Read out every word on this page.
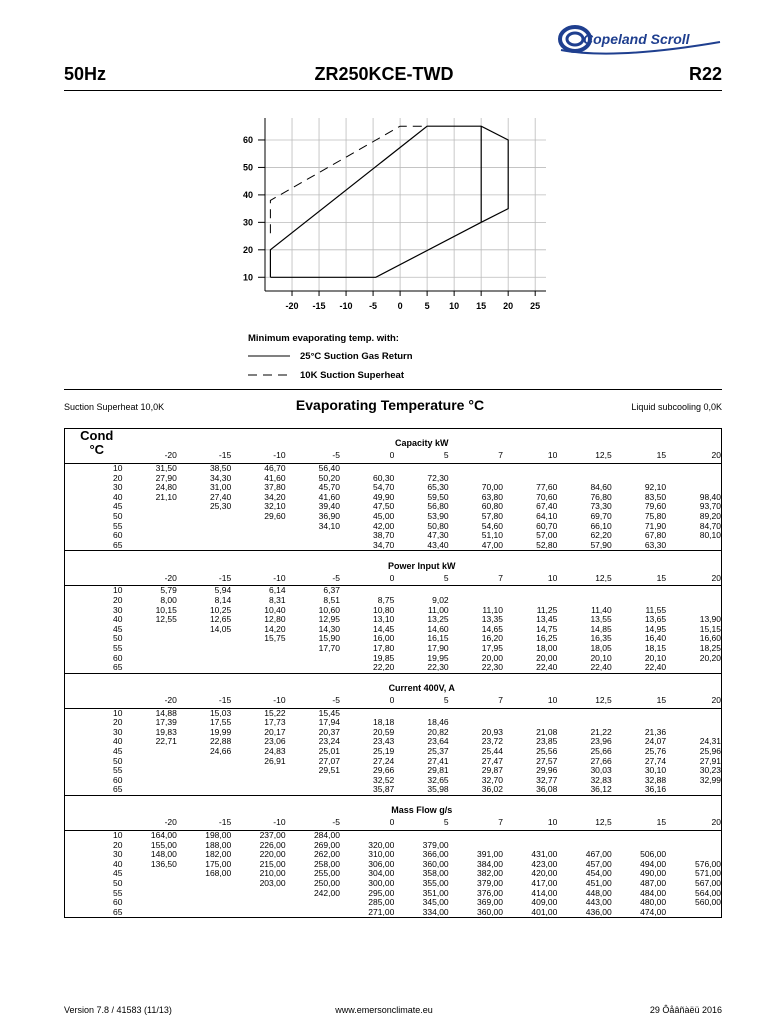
Copeland Scroll
50Hz	ZR250KCE-TWD	R22
-20 -15 -10 -5 0 5 10 15 20 25
10
20
30
40
50
60
Minimum evaporating temp. with:
25°C Suction Gas Return
10K Suction Superheat
Suction Superheat 10,0K	Evaporating Temperature °C	Liquid subcooling 0,0K
Cond
°C	Capacity kW										
	-20	-15	-10	-5	0	5	7	10	12,5	15	20
10	31,50	38,50	46,70	56,40							
20	27,90	34,30	41,60	50,20	60,30	72,30					
30	24,80	31,00	37,80	45,70	54,70	65,30	70,00	77,60	84,60	92,10	
40	21,10	27,40	34,20	41,60	49,90	59,50	63,80	70,60	76,80	83,50	98,40
45		25,30	32,10	39,40	47,50	56,80	60,80	67,40	73,30	79,60	93,70
50			29,60	36,90	45,00	53,90	57,80	64,10	69,70	75,80	89,20
55				34,10	42,00	50,80	54,60	60,70	66,10	71,90	84,70
60					38,70	47,30	51,10	57,00	62,20	67,80	80,10
65					34,70	43,40	47,00	52,80	57,90	63,30	
	Power Input kW										
	-20	-15	-10	-5	0	5	7	10	12,5	15	20
10	5,79	5,94	6,14	6,37							
20	8,00	8,14	8,31	8,51	8,75	9,02					
30	10,15	10,25	10,40	10,60	10,80	11,00	11,10	11,25	11,40	11,55	
40	12,55	12,65	12,80	12,95	13,10	13,25	13,35	13,45	13,55	13,65	13,90
45		14,05	14,20	14,30	14,45	14,60	14,65	14,75	14,85	14,95	15,15
50			15,75	15,90	16,00	16,15	16,20	16,25	16,35	16,40	16,60
55				17,70	17,80	17,90	17,95	18,00	18,05	18,15	18,25
60					19,85	19,95	20,00	20,00	20,10	20,10	20,20
65					22,20	22,30	22,30	22,40	22,40	22,40	
	Current 400V, A										
	-20	-15	-10	-5	0	5	7	10	12,5	15	20
10	14,88	15,03	15,22	15,45							
20	17,39	17,55	17,73	17,94	18,18	18,46					
30	19,83	19,99	20,17	20,37	20,59	20,82	20,93	21,08	21,22	21,36	
40	22,71	22,88	23,06	23,24	23,43	23,64	23,72	23,85	23,96	24,07	24,31
45		24,66	24,83	25,01	25,19	25,37	25,44	25,56	25,66	25,76	25,96
50			26,91	27,07	27,24	27,41	27,47	27,57	27,66	27,74	27,91
55				29,51	29,66	29,81	29,87	29,96	30,03	30,10	30,23
60					32,52	32,65	32,70	32,77	32,83	32,88	32,99
65					35,87	35,98	36,02	36,08	36,12	36,16	
	Mass Flow g/s										
	-20	-15	-10	-5	0	5	7	10	12,5	15	20
10	164,00	198,00	237,00	284,00							
20	155,00	188,00	226,00	269,00	320,00	379,00					
30	148,00	182,00	220,00	262,00	310,00	366,00	391,00	431,00	467,00	506,00	
40	136,50	175,00	215,00	258,00	306,00	360,00	384,00	423,00	457,00	494,00	576,00
45		168,00	210,00	255,00	304,00	358,00	382,00	420,00	454,00	490,00	571,00
50			203,00	250,00	300,00	355,00	379,00	417,00	451,00	487,00	567,00
55				242,00	295,00	351,00	376,00	414,00	448,00	484,00	564,00
60					285,00	345,00	369,00	409,00	443,00	480,00	560,00
65					271,00	334,00	360,00	401,00	436,00	474,00	
Version 7.8 / 41583 (11/13)	www.emersonclimate.eu	29 Ôåâñàëü 2016
